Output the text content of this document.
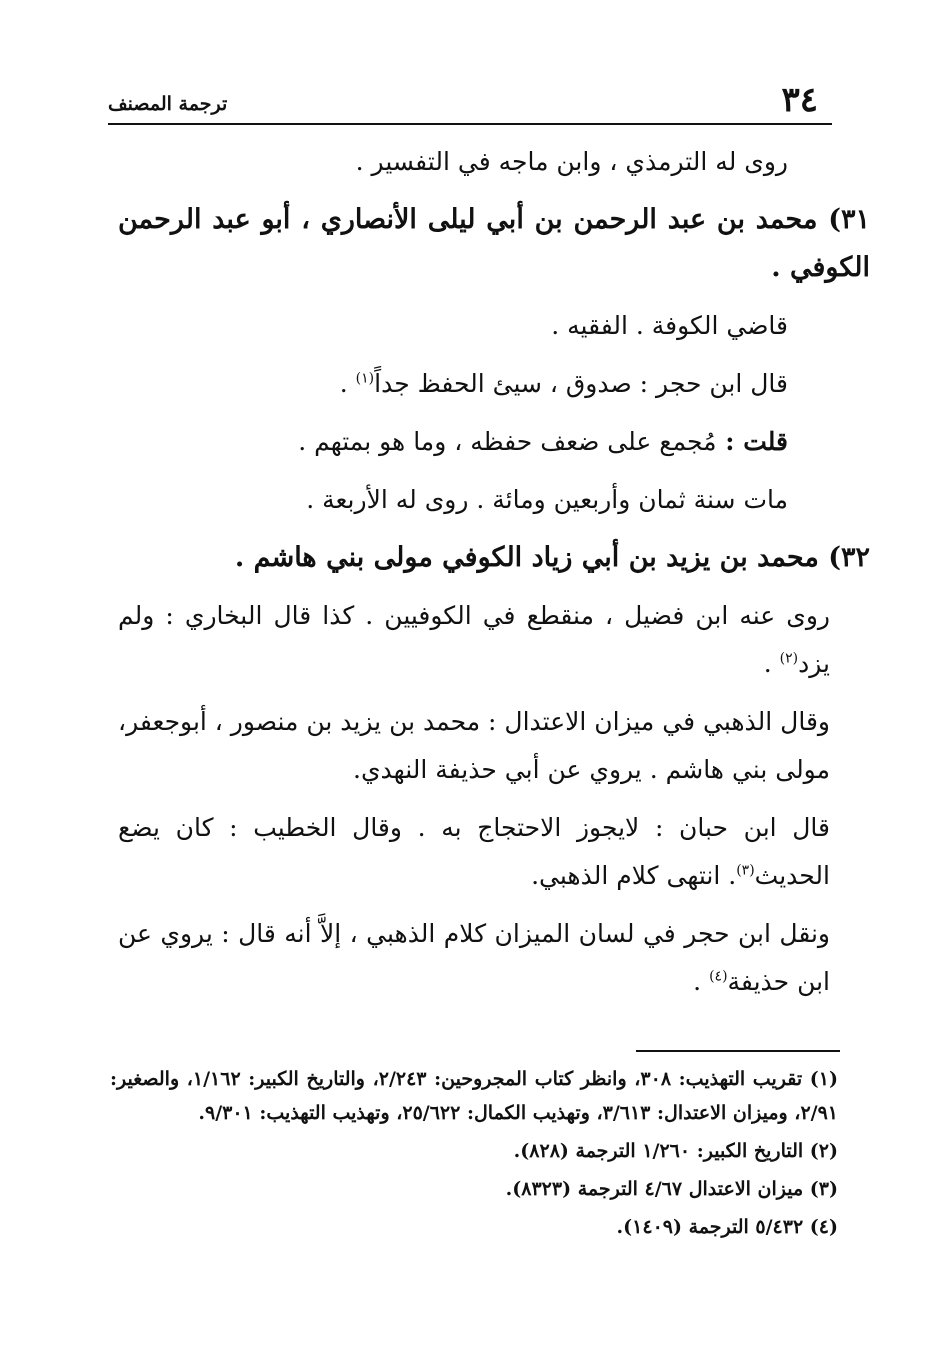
٣٤
ترجمة المصنف

روى له الترمذي ، وابن ماجه في التفسير .

٣١) محمد بن عبد الرحمن بن أبي ليلى الأنصاري ، أبو عبد الرحمن الكوفي .

قاضي الكوفة . الفقيه .

قال ابن حجر : صدوق ، سيئ الحفظ جداً$^{(١)}$ .

قلت : مُجمع على ضعف حفظه ، وما هو بمتهم .

مات سنة ثمان وأربعين ومائة . روى له الأربعة .

٣٢) محمد بن يزيد بن أبي زياد الكوفي مولى بني هاشم .

روى عنه ابن فضيل ، منقطع في الكوفيين . كذا قال البخاري : ولم يزد$^{(٢)}$ .

وقال الذهبي في ميزان الاعتدال : محمد بن يزيد بن منصور ، أبوجعفر، مولى بني هاشم . يروي عن أبي حذيفة النهدي.

قال ابن حبان : لايجوز الاحتجاج به . وقال الخطيب : كان يضع الحديث$^{(٣)}$. انتهى كلام الذهبي.

ونقل ابن حجر في لسان الميزان كلام الذهبي ، إلاَّ أنه قال : يروي عن ابن حذيفة$^{(٤)}$ .

(١) تقريب التهذيب: ٣٠٨، وانظر كتاب المجروحين: ٢/٢٤٣، والتاريخ الكبير: ١/١٦٢، والصغير: ٢/٩١، وميزان الاعتدال: ٣/٦١٣، وتهذيب الكمال: ٢٥/٦٢٢، وتهذيب التهذيب: ٩/٣٠١.

(٢) التاريخ الكبير: ١/٢٦٠ الترجمة (٨٢٨).

(٣) ميزان الاعتدال ٤/٦٧ الترجمة (٨٣٢٣).

(٤) ٥/٤٣٢ الترجمة (١٤٠٩).
